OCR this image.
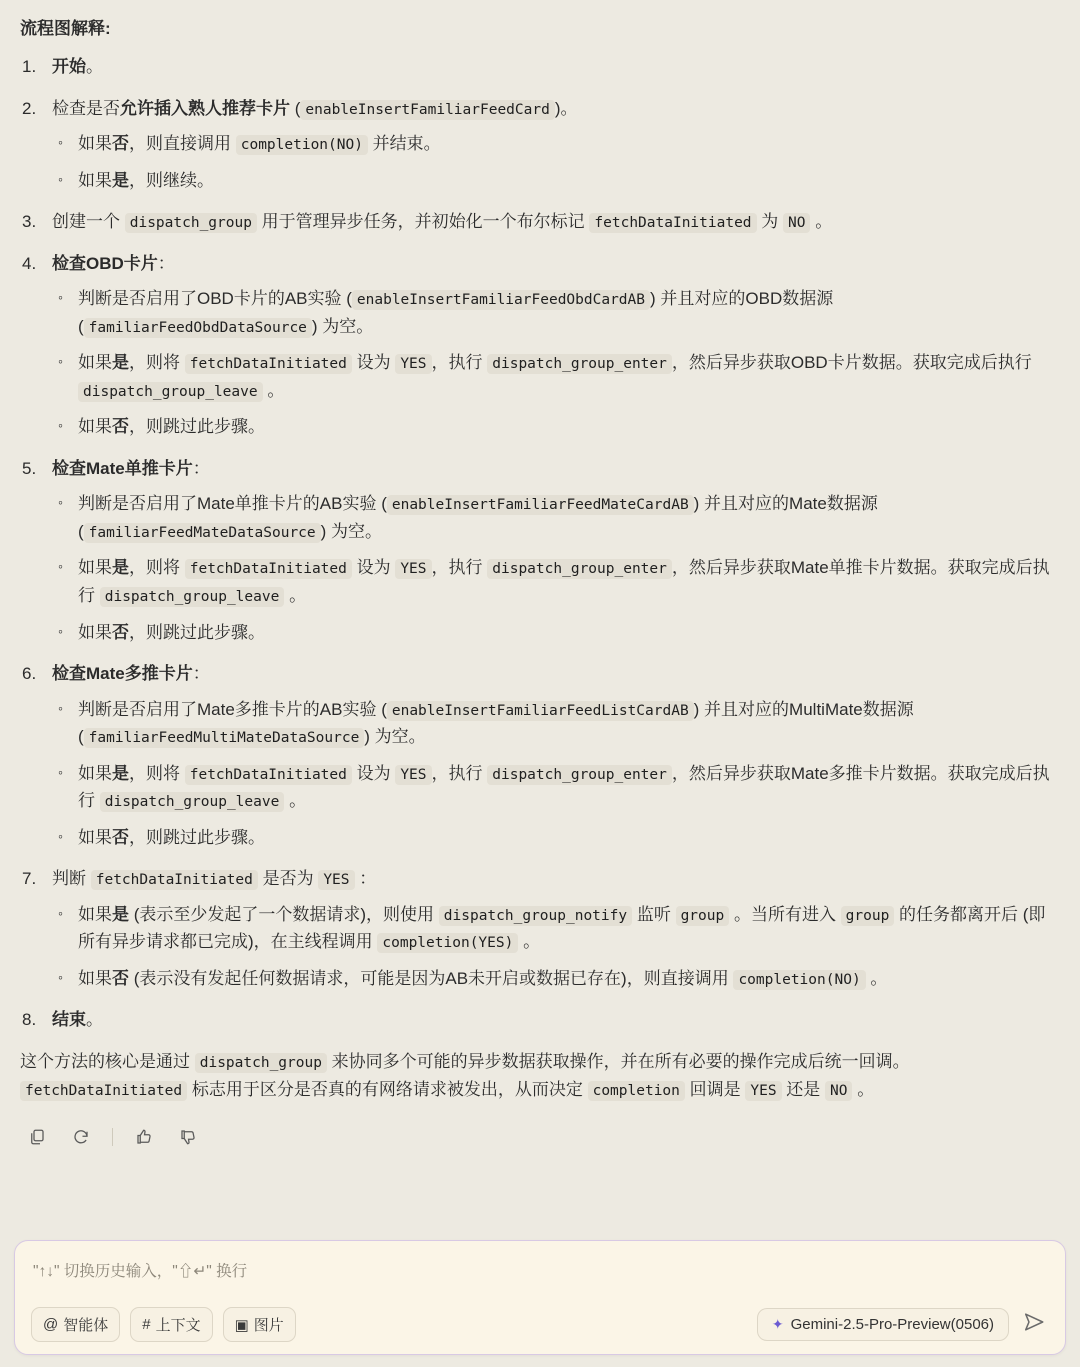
流程图解释:
1. 开始。
2. 检查是否允许插入熟人推荐卡片 ( enableInsertFamiliarFeedCard )。
◦ 如果否，则直接调用 completion(NO) 并结束。
◦ 如果是，则继续。
3. 创建一个 dispatch_group 用于管理异步任务，并初始化一个布尔标记 fetchDataInitiated 为 NO 。
4. 检查OBD卡片：
◦ 判断是否启用了OBD卡片的AB实验 ( enableInsertFamiliarFeedObdCardAB ) 并且对应的OBD数据源 ( familiarFeedObdDataSource ) 为空。
◦ 如果是，则将 fetchDataInitiated 设为 YES ，执行 dispatch_group_enter ，然后异步获取OBD卡片数据。获取完成后执行 dispatch_group_leave 。
◦ 如果否，则跳过此步骤。
5. 检查Mate单推卡片：
◦ 判断是否启用了Mate单推卡片的AB实验 ( enableInsertFamiliarFeedMateCardAB ) 并且对应的Mate数据源 ( familiarFeedMateDataSource ) 为空。
◦ 如果是，则将 fetchDataInitiated 设为 YES ，执行 dispatch_group_enter ，然后异步获取Mate单推卡片数据。获取完成后执行 dispatch_group_leave 。
◦ 如果否，则跳过此步骤。
6. 检查Mate多推卡片：
◦ 判断是否启用了Mate多推卡片的AB实验 ( enableInsertFamiliarFeedListCardAB ) 并且对应的MultiMate数据源 ( familiarFeedMultiMateDataSource ) 为空。
◦ 如果是，则将 fetchDataInitiated 设为 YES ，执行 dispatch_group_enter ，然后异步获取Mate多推卡片数据。获取完成后执行 dispatch_group_leave 。
◦ 如果否，则跳过此步骤。
7. 判断 fetchDataInitiated 是否为 YES ：
◦ 如果是 (表示至少发起了一个数据请求)，则使用 dispatch_group_notify 监听 group 。当所有进入 group 的任务都离开后 (即所有异步请求都已完成)，在主线程调用 completion(YES) 。
◦ 如果否 (表示没有发起任何数据请求，可能是因为AB未开启或数据已存在)，则直接调用 completion(NO) 。
8. 结束。
这个方法的核心是通过 dispatch_group 来协同多个可能的异步数据获取操作，并在所有必要的操作完成后统一回调。fetchDataInitiated 标志用于区分是否真的有网络请求被发出，从而决定 completion 回调是 YES 还是 NO 。
"↑↓" 切换历史输入，"⇧↵" 换行
@ 智能体 # 上下文 ▣ 图片	✦ Gemini-2.5-Pro-Preview(0506)
